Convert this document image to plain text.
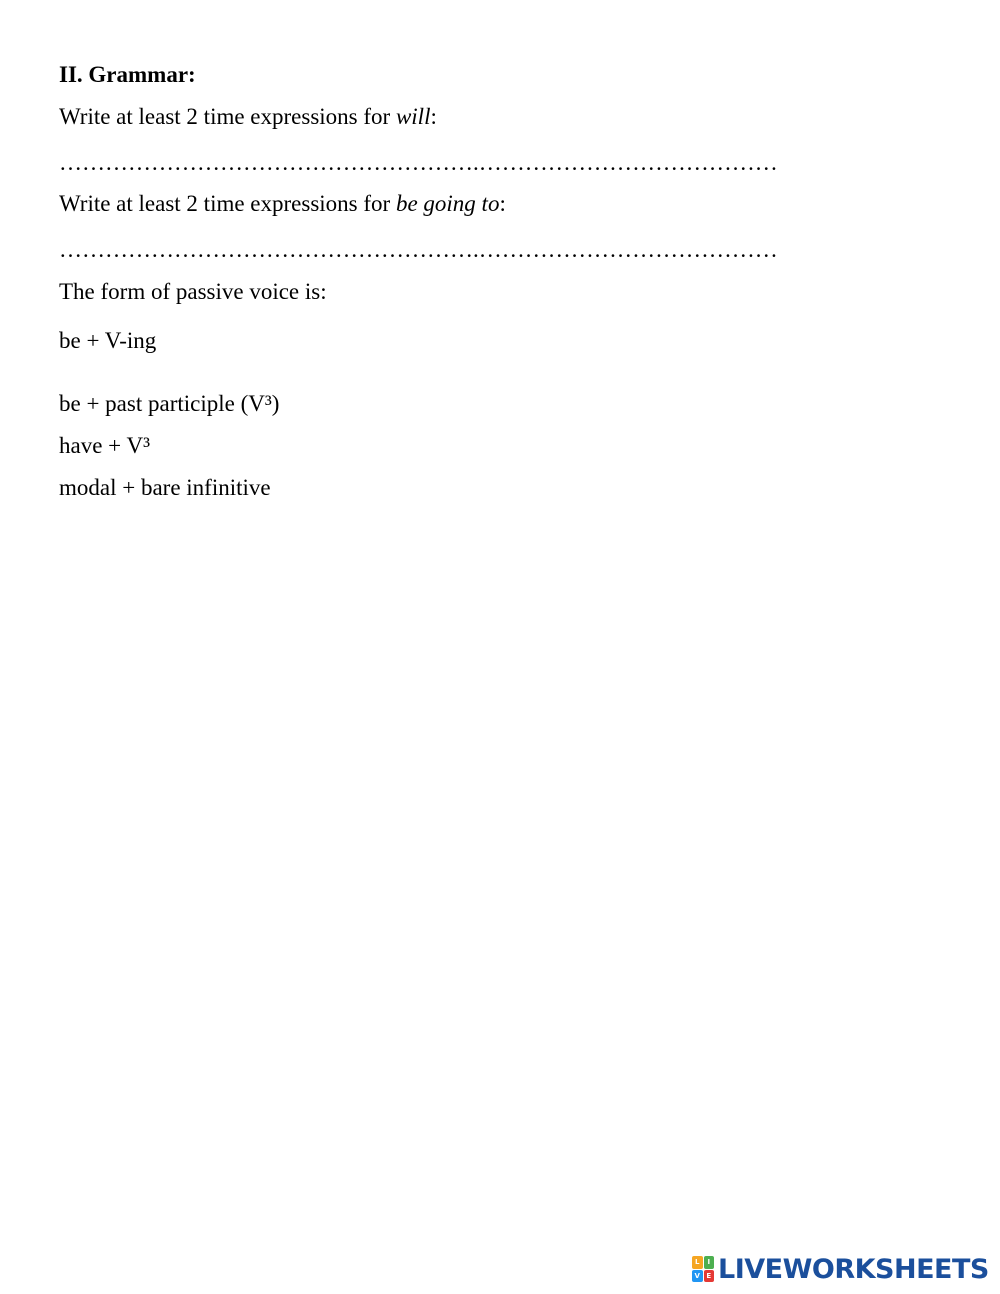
II. Grammar:
Write at least 2 time expressions for will:
……………………………………………….…………………………………
Write at least 2 time expressions for be going to:
……………………………………………….…………………………………
The form of passive voice is:
be + V-ing
be + past participle (V³)
have + V³
modal + bare infinitive
L	I
V E LIVEWORKSHEETS
